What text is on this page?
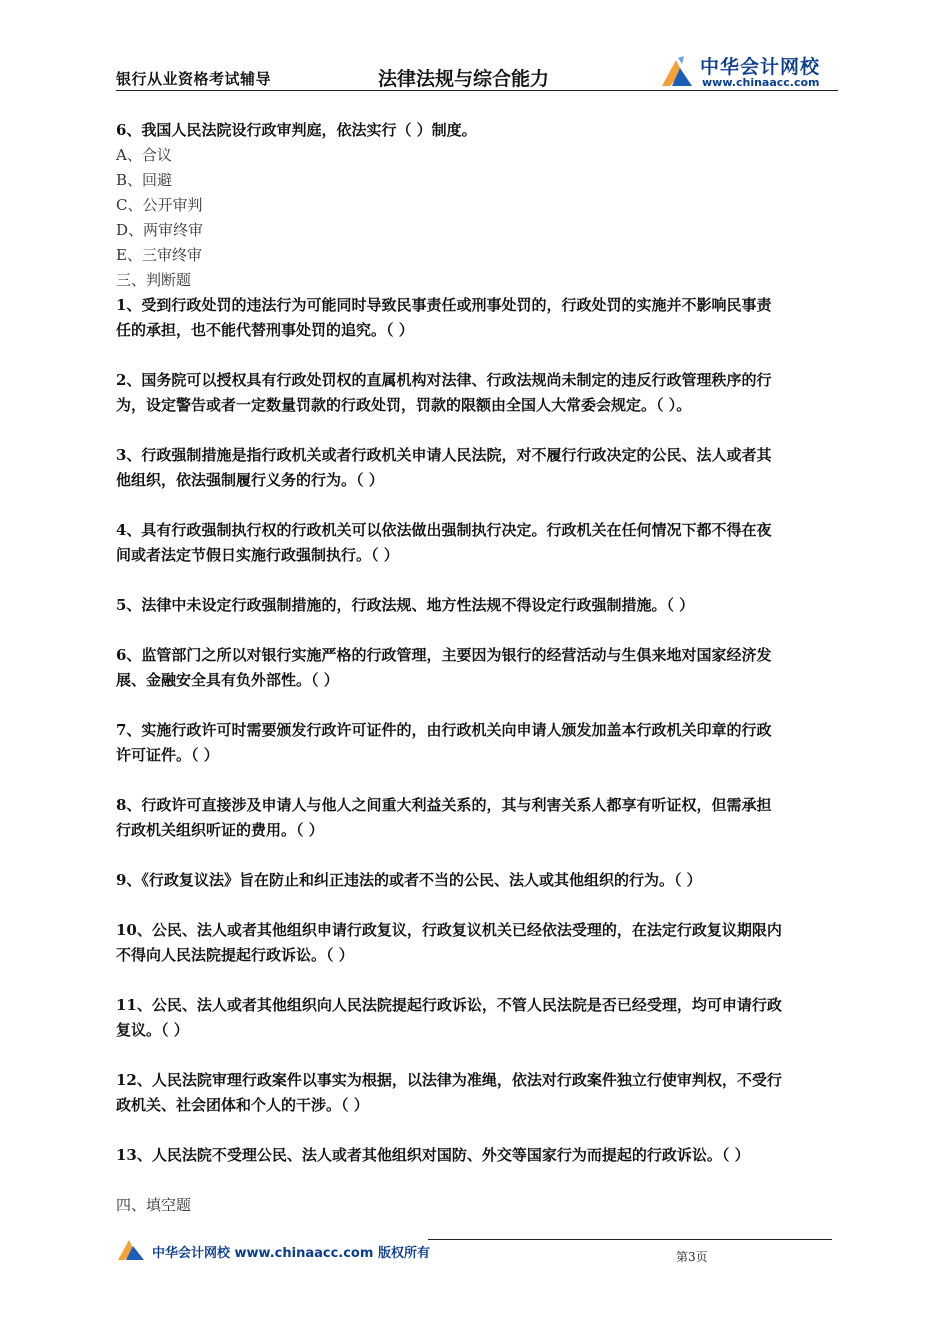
银行从业资格考试辅导	法律法规与综合能力
中华会计网校
www.chinaacc.com
6、我国人民法院设行政审判庭，依法实行（ ）制度。
A、合议
B、回避
C、公开审判
D、两审终审
E、三审终审
三、判断题
1、受到行政处罚的违法行为可能同时导致民事责任或刑事处罚的，行政处罚的实施并不影响民事责
任的承担，也不能代替刑事处罚的追究。（ ）
2、国务院可以授权具有行政处罚权的直属机构对法律、行政法规尚未制定的违反行政管理秩序的行
为，设定警告或者一定数量罚款的行政处罚，罚款的限额由全国人大常委会规定。（ ）。
3、行政强制措施是指行政机关或者行政机关申请人民法院，对不履行行政决定的公民、法人或者其
他组织，依法强制履行义务的行为。（ ）
4、具有行政强制执行权的行政机关可以依法做出强制执行决定。行政机关在任何情况下都不得在夜
间或者法定节假日实施行政强制执行。（ ）
5、法律中未设定行政强制措施的，行政法规、地方性法规不得设定行政强制措施。（ ）
6、监管部门之所以对银行实施严格的行政管理，主要因为银行的经营活动与生俱来地对国家经济发
展、金融安全具有负外部性。（ ）
7、实施行政许可时需要颁发行政许可证件的，由行政机关向申请人颁发加盖本行政机关印章的行政
许可证件。（ ）
8、行政许可直接涉及申请人与他人之间重大利益关系的，其与利害关系人都享有听证权，但需承担
行政机关组织听证的费用。（ ）
9、《行政复议法》旨在防止和纠正违法的或者不当的公民、法人或其他组织的行为。（ ）
10、公民、法人或者其他组织申请行政复议，行政复议机关已经依法受理的，在法定行政复议期限内
不得向人民法院提起行政诉讼。（ ）
11、公民、法人或者其他组织向人民法院提起行政诉讼，不管人民法院是否已经受理，均可申请行政
复议。（ ）
12、人民法院审理行政案件以事实为根据，以法律为准绳，依法对行政案件独立行使审判权，不受行
政机关、社会团体和个人的干涉。（ ）
13、人民法院不受理公民、法人或者其他组织对国防、外交等国家行为而提起的行政诉讼。（ ）
四、填空题
中华会计网校 www.chinaacc.com 版权所有	第3页
